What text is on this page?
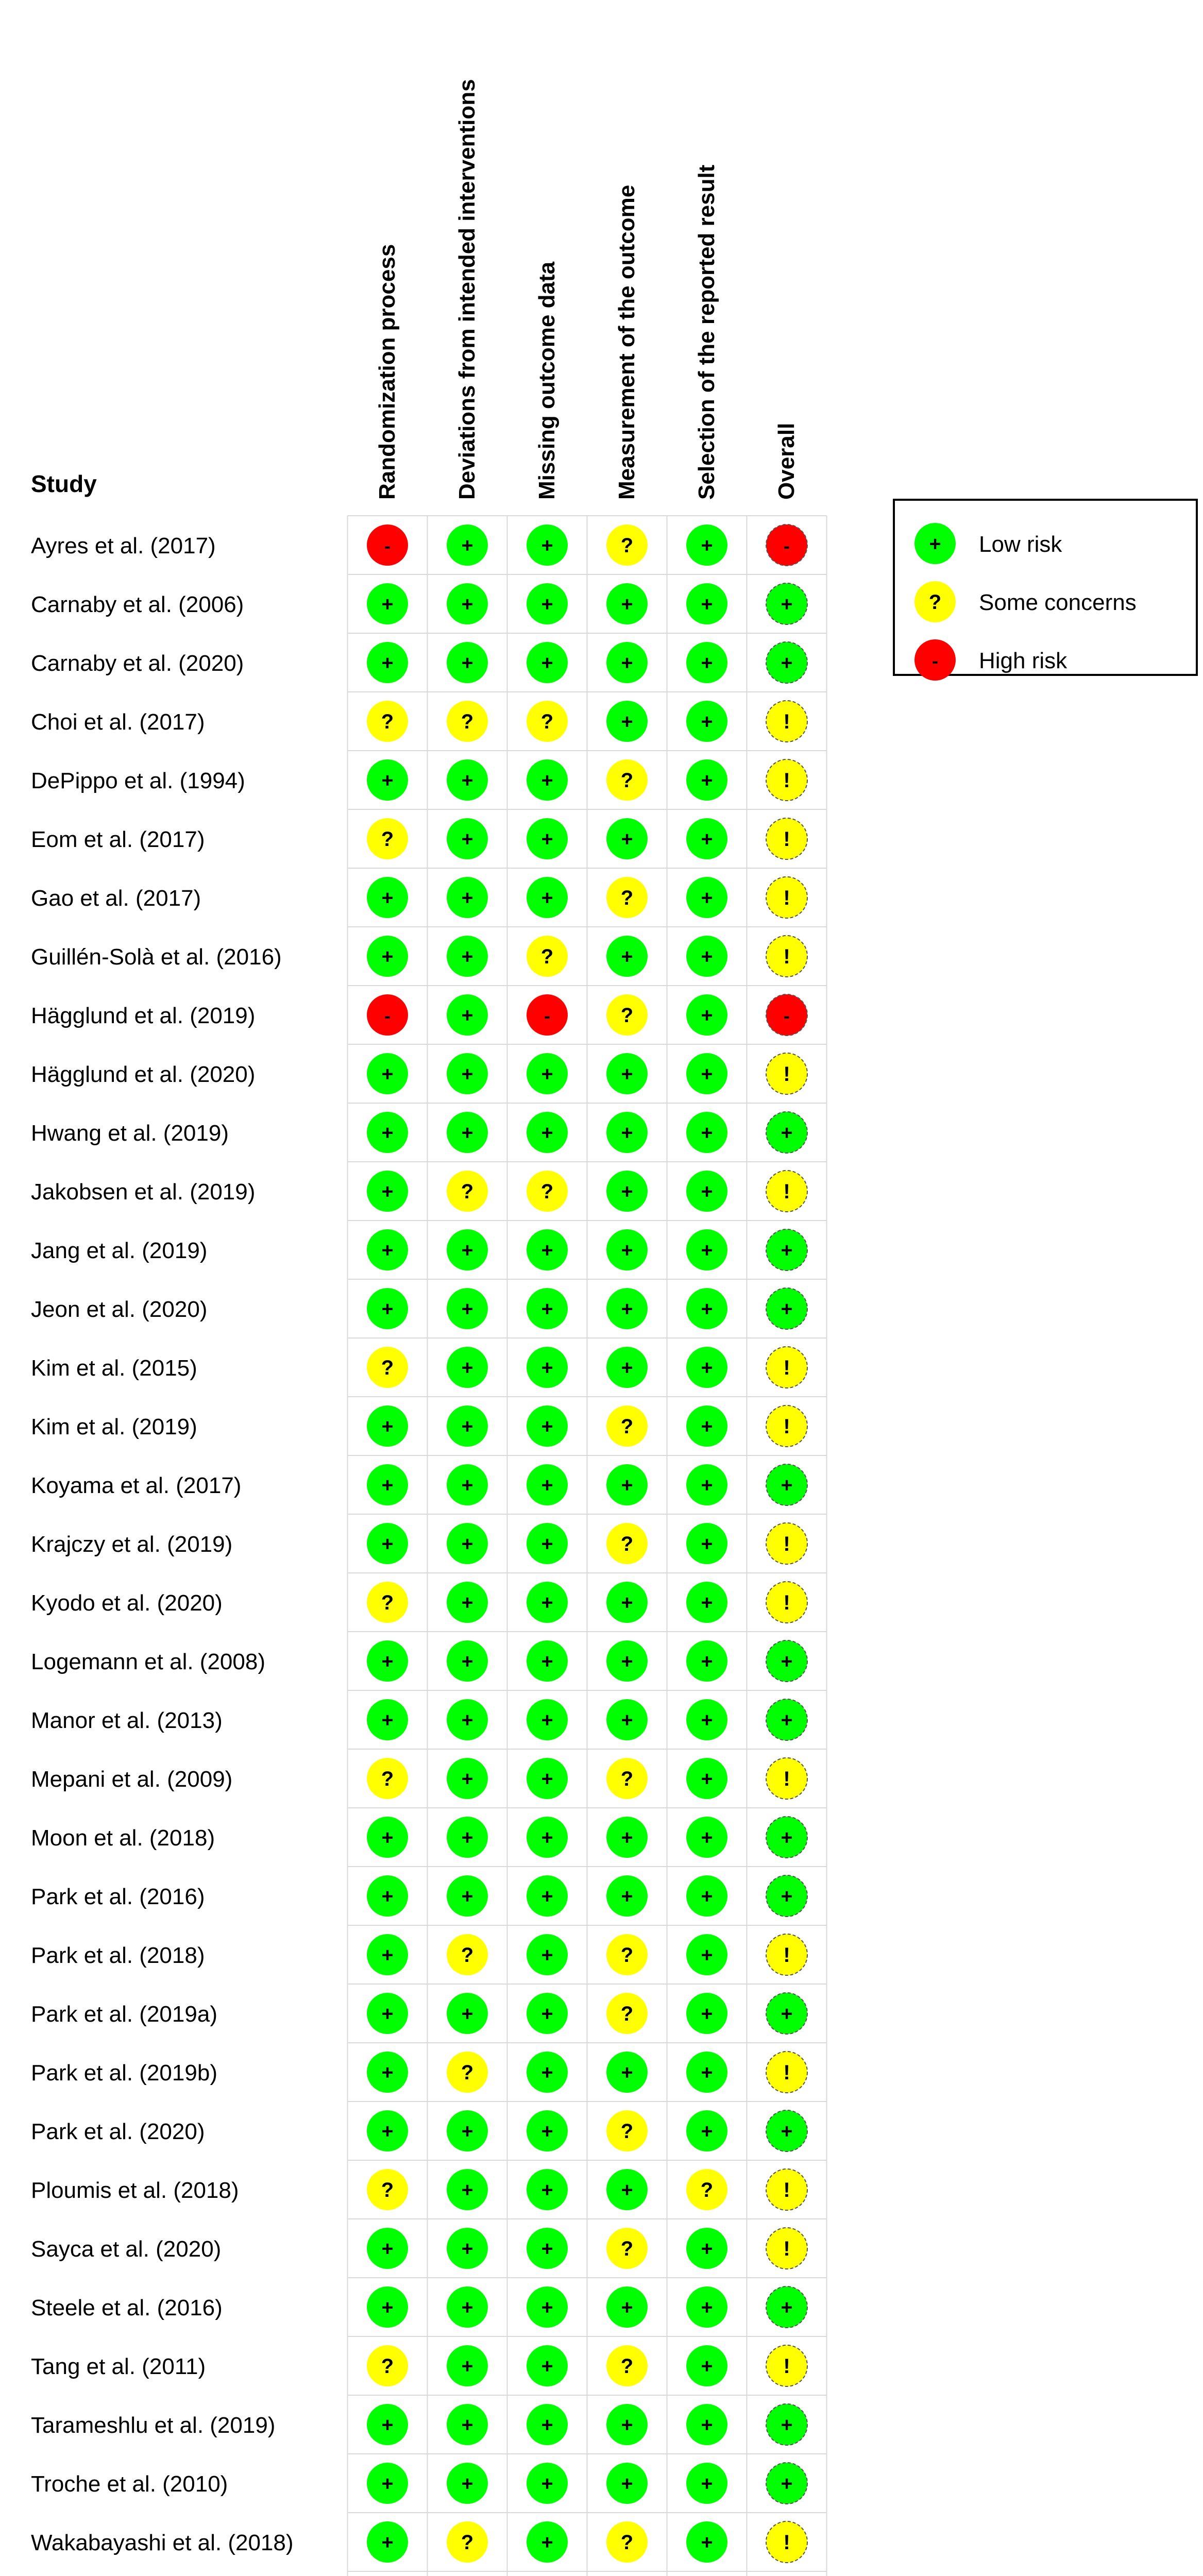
Randomization process Deviations from intended interventions Missing outcome data Measurement of the outcome Selection of the reported result Overall
Study
Ayres et al. (2017)	-	+	+	?	+	-
Carnaby et al. (2006)	+	+	+	+	+	+
Carnaby et al. (2020)	+	+	+	+	+	+
Choi et al. (2017)	?	?	?	+	+	!
DePippo et al. (1994)	+	+	+	?	+	!
Eom et al. (2017)	?	+	+	+	+	!
Gao et al. (2017)	+	+	+	?	+	!
Guillén-Solà et al. (2016)	+	+	?	+	+	!
Hägglund et al. (2019)	-	+	-	?	+	-
Hägglund et al. (2020)	+	+	+	+	+	!
Hwang et al. (2019)	+	+	+	+	+	+
Jakobsen et al. (2019)	+	?	?	+	+	!
Jang et al. (2019)	+	+	+	+	+	+
Jeon et al. (2020)	+	+	+	+	+	+
Kim et al. (2015)	?	+	+	+	+	!
Kim et al. (2019)	+	+	+	?	+	!
Koyama et al. (2017)	+	+	+	+	+	+
Krajczy et al. (2019)	+	+	+	?	+	!
Kyodo et al. (2020)	?	+	+	+	+	!
Logemann et al. (2008)	+	+	+	+	+	+
Manor et al. (2013)	+	+	+	+	+	+
Mepani et al. (2009)	?	+	+	?	+	!
Moon et al. (2018)	+	+	+	+	+	+
Park et al. (2016)	+	+	+	+	+	+
Park et al. (2018)	+	?	+	?	+	!
Park et al. (2019a)	+	+	+	?	+	+
Park et al. (2019b)	+	?	+	+	+	!
Park et al. (2020)	+	+	+	?	+	+
Ploumis et al. (2018)	?	+	+	+	?	!
Sayca et al. (2020)	+	+	+	?	+	!
Steele et al. (2016)	+	+	+	+	+	+
Tang et al. (2011)	?	+	+	?	+	!
Tarameshlu et al. (2019)	+	+	+	+	+	+
Troche et al. (2010)	+	+	+	+	+	+
Wakabayashi et al. (2018)	+	?	+	?	+	!
+ Low risk
? Some concerns
- High risk
